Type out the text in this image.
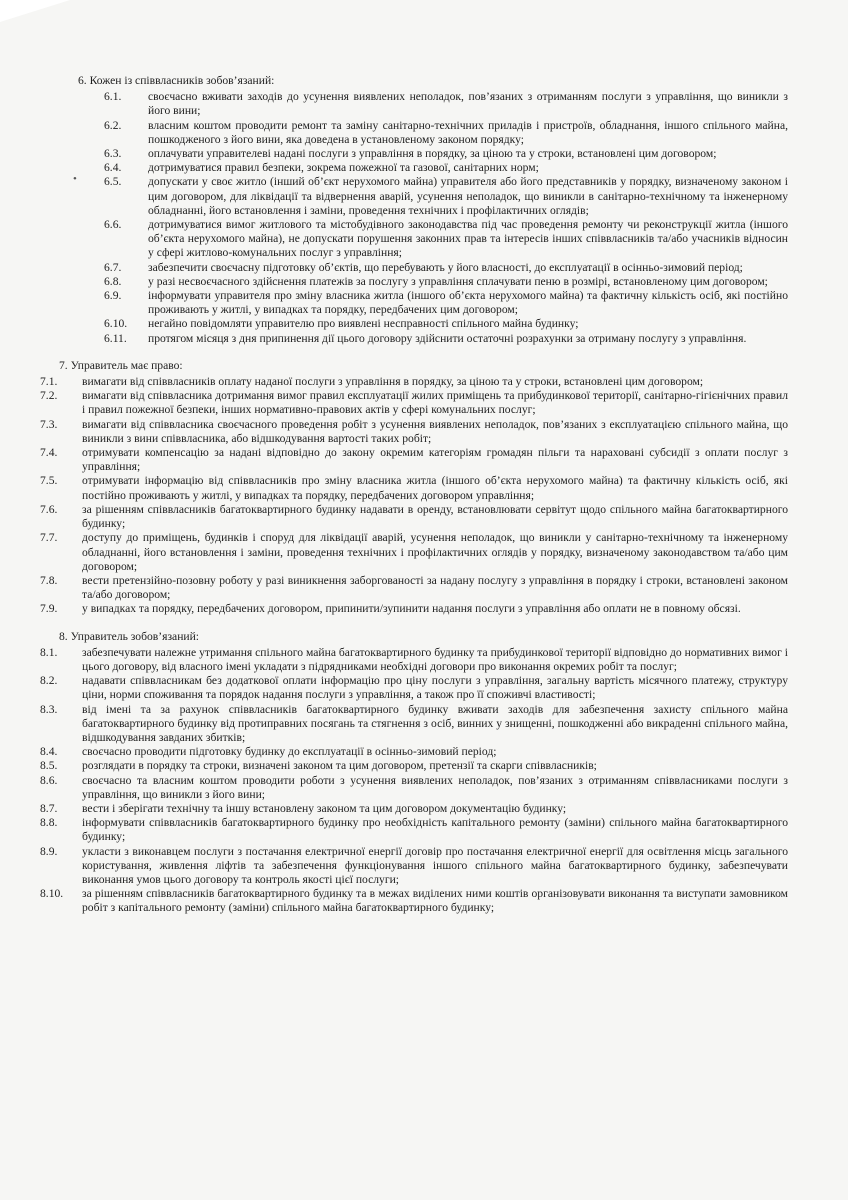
•
6. Кожен із співвласників зобов’язаний:
6.1.	своєчасно вживати заходів до усунення виявлених неполадок, пов’язаних з отриманням послуги з управління, що виникли з його вини;
6.2.	власним коштом проводити ремонт та заміну санітарно-технічних приладів і пристроїв, обладнання, іншого спільного майна, пошкодженого з його вини, яка доведена в установленому законом порядку;
6.3.	оплачувати управителеві надані послуги з управління в порядку, за ціною та у строки, встановлені цим договором;
6.4.	дотримуватися правил безпеки, зокрема пожежної та газової, санітарних норм;
6.5.	допускати у своє житло (інший об’єкт нерухомого майна) управителя або його представників у порядку, визначеному законом і цим договором, для ліквідації та відвернення аварій, усунення неполадок, що виникли в санітарно-технічному та інженерному обладнанні, його встановлення і заміни, проведення технічних і профілактичних оглядів;
6.6.	дотримуватися вимог житлового та містобудівного законодавства під час проведення ремонту чи реконструкції житла (іншого об’єкта нерухомого майна), не допускати порушення законних прав та інтересів інших співвласників та/або учасників відносин у сфері житлово-комунальних послуг з управління;
6.7.	забезпечити своєчасну підготовку об’єктів, що перебувають у його власності, до експлуатації в осінньо-зимовий період;
6.8.	у разі несвоєчасного здійснення платежів за послугу з управління сплачувати пеню в розмірі, встановленому цим договором;
6.9.	інформувати управителя про зміну власника житла (іншого об’єкта нерухомого майна) та фактичну кількість осіб, які постійно проживають у житлі, у випадках та порядку, передбачених цим договором;
6.10.	негайно повідомляти управителю про виявлені несправності спільного майна будинку;
6.11.	протягом місяця з дня припинення дії цього договору здійснити остаточні розрахунки за отриману послугу з управління.
7. Управитель має право:
7.1.	вимагати від співвласників оплату наданої послуги з управління в порядку, за ціною та у строки, встановлені цим договором;
7.2.	вимагати від співвласника дотримання вимог правил експлуатації жилих приміщень та прибудинкової території, санітарно-гігієнічних правил і правил пожежної безпеки, інших нормативно-правових актів у сфері комунальних послуг;
7.3.	вимагати від співвласника своєчасного проведення робіт з усунення виявлених неполадок, пов’язаних з експлуатацією спільного майна, що виникли з вини співвласника, або відшкодування вартості таких робіт;
7.4.	отримувати компенсацію за надані відповідно до закону окремим категоріям громадян пільги та нараховані субсидії з оплати послуг з управління;
7.5.	отримувати інформацію від співвласників про зміну власника житла (іншого об’єкта нерухомого майна) та фактичну кількість осіб, які постійно проживають у житлі, у випадках та порядку, передбачених договором управління;
7.6.	за рішенням співвласників багатоквартирного будинку надавати в оренду, встановлювати сервітут щодо спільного майна багатоквартирного будинку;
7.7.	доступу до приміщень, будинків і споруд для ліквідації аварій, усунення неполадок, що виникли у санітарно-технічному та інженерному обладнанні, його встановлення і заміни, проведення технічних і профілактичних оглядів у порядку, визначеному законодавством та/або цим договором;
7.8.	вести претензійно-позовну роботу у разі виникнення заборгованості за надану послугу з управління в порядку і строки, встановлені законом та/або договором;
7.9.	у випадках та порядку, передбачених договором, припинити/зупинити надання послуги з управління або оплати не в повному обсязі.
8. Управитель зобов’язаний:
8.1.	забезпечувати належне утримання спільного майна багатоквартирного будинку та прибудинкової території відповідно до нормативних вимог і цього договору, від власного імені укладати з підрядниками необхідні договори про виконання окремих робіт та послуг;
8.2.	надавати співвласникам без додаткової оплати інформацію про ціну послуги з управління, загальну вартість місячного платежу, структуру ціни, норми споживання та порядок надання послуги з управління, а також про її споживчі властивості;
8.3.	від імені та за рахунок співвласників багатоквартирного будинку вживати заходів для забезпечення захисту спільного майна багатоквартирного будинку від протиправних посягань та стягнення з осіб, винних у знищенні, пошкодженні або викраденні спільного майна, відшкодування завданих збитків;
8.4.	своєчасно проводити підготовку будинку до експлуатації в осінньо-зимовий період;
8.5.	розглядати в порядку та строки, визначені законом та цим договором, претензії та скарги співвласників;
8.6.	своєчасно та власним коштом проводити роботи з усунення виявлених неполадок, пов’язаних з отриманням співвласниками послуги з управління, що виникли з його вини;
8.7.	вести і зберігати технічну та іншу встановлену законом та цим договором документацію будинку;
8.8.	інформувати співвласників багатоквартирного будинку про необхідність капітального ремонту (заміни) спільного майна багатоквартирного будинку;
8.9.	укласти з виконавцем послуги з постачання електричної енергії договір про постачання електричної енергії для освітлення місць загального користування, живлення ліфтів та забезпечення функціонування іншого спільного майна багатоквартирного будинку, забезпечувати виконання умов цього договору та контроль якості цієї послуги;
8.10.	за рішенням співвласників багатоквартирного будинку та в межах виділених ними коштів організовувати виконання та виступати замовником робіт з капітального ремонту (заміни) спільного майна багатоквартирного будинку;
